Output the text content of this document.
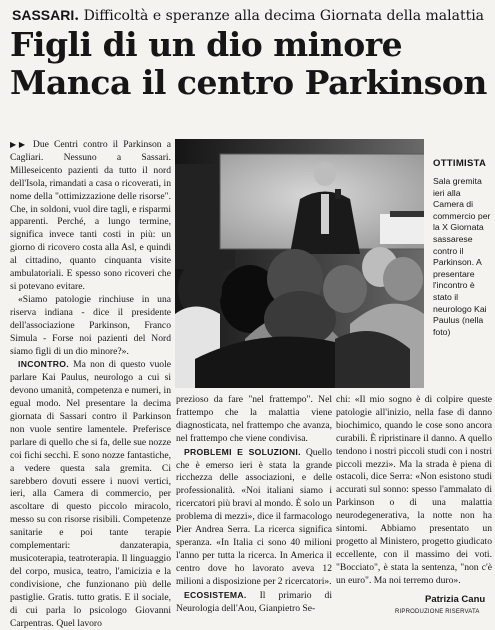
SASSARI. Difficoltà e speranze alla decima Giornata della malattia
Figli di un dio minore
Manca il centro Parkinson

▶▶ Due Centri contro il Parkinson a Cagliari. Nessuno a Sassari. Milleseicento pazienti da tutto il nord dell'Isola, rimandati a casa o ricoverati, in nome della "ottimizzazione delle risorse". Che, in soldoni, vuol dire tagli, e risparmi apparenti. Perché, a lungo termine, significa invece tanti costi in più: un giorno di ricovero costa alla Asl, e quindi al cittadino, quanto cinquanta visite ambulatoriali. E spesso sono ricoveri che si potevano evitare.

«Siamo patologie rinchiuse in una riserva indiana - dice il presidente dell'associazione Parkinson, Franco Simula - Forse noi pazienti del Nord siamo figli di un dio minore?».

INCONTRO. Ma non di questo vuole parlare Kai Paulus, neurologo a cui si devono umanità, competenza e numeri, in egual modo. Nel presentare la decima giornata di Sassari contro il Parkinson non vuole sentire lamentele. Preferisce parlare di quello che si fa, delle sue nozze coi fichi secchi. E sono nozze fantastiche, a vedere questa sala gremita. Ci sarebbero dovuti essere i nuovi vertici, ieri, alla Camera di commercio, per ascoltare di questo piccolo miracolo, messo su con risorse risibili. Competenze sanitarie e poi tante terapie complementari: danzaterapia, musicoterapia, teatroterapia. Il linguaggio del corpo, musica, teatro, l'amicizia e la condivisione, che funzionano più delle pastiglie. Gratis. tutto gratis. E il sociale, di cui parla lo psicologo Giovanni Carpentras. Quel lavoro

OTTIMISTA
Sala gremita ieri alla Camera di commercio per la X Giornata sassarese contro il Parkinson. A presentare l'incontro è stato il neurologo Kai Paulus (nella foto)

prezioso da fare "nel frattempo". Nel frattempo che la malattia viene diagnosticata, nel frattempo che avanza, nel frattempo che viene condivisa.

PROBLEMI E SOLUZIONI. Quello che è emerso ieri è stata la grande ricchezza delle associazioni, e delle professionalità. «Noi italiani siamo i ricercatori più bravi al mondo. È solo un problema di mezzi», dice il farmacologo Pier Andrea Serra. La ricerca significa speranza. «In Italia ci sono 40 milioni l'anno per tutta la ricerca. In America il centro dove ho lavorato aveva 12 milioni a disposizione per 2 ricercatori».

ECOSISTEMA. Il primario di Neurologia dell'Aou, Gianpietro Se-

chi: «Il mio sogno è di colpire queste patologie all'inizio, nella fase di danno biochimico, quando le cose sono ancora curabili. È ripristinare il danno. A quello tendono i nostri piccoli studi con i nostri piccoli mezzi». Ma la strada è piena di ostacoli, dice Serra: «Non esistono studi accurati sul sonno: spesso l'ammalato di Parkinson o di una malattia neurodegenerativa, la notte non ha sintomi. Abbiamo presentato un progetto al Ministero, progetto giudicato eccellente, con il massimo dei voti. "Bocciato", è stata la sentenza, "non c'è un euro". Ma noi terremo duro».

Patrizia Canu
RIPRODUZIONE RISERVATA
